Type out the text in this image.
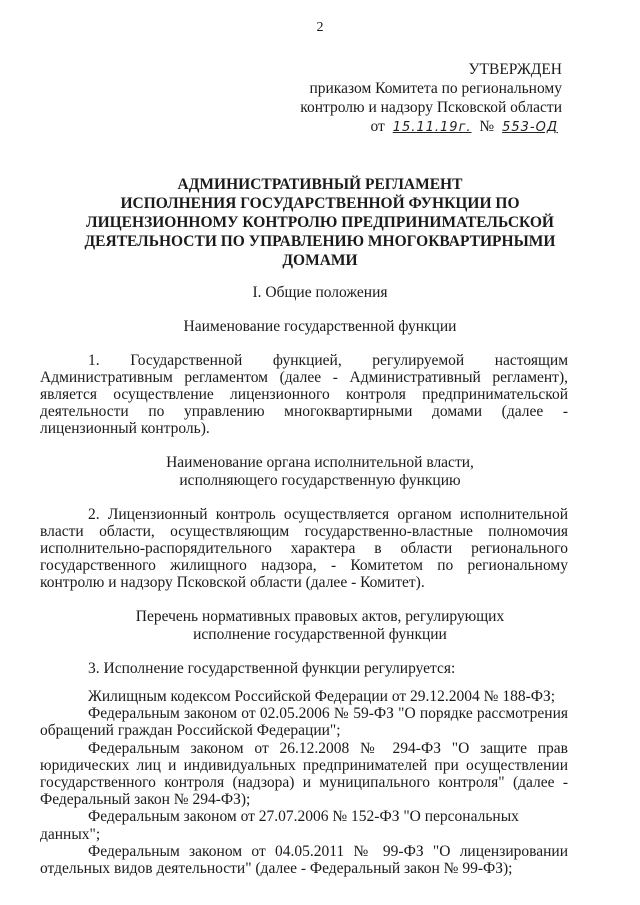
2
УТВЕРЖДЕН
приказом Комитета по региональному
контролю и надзору Псковской области
от 15.11.19г. № 553-ОД
АДМИНИСТРАТИВНЫЙ РЕГЛАМЕНТ
ИСПОЛНЕНИЯ ГОСУДАРСТВЕННОЙ ФУНКЦИИ ПО
ЛИЦЕНЗИОННОМУ КОНТРОЛЮ ПРЕДПРИНИМАТЕЛЬСКОЙ
ДЕЯТЕЛЬНОСТИ ПО УПРАВЛЕНИЮ МНОГОКВАРТИРНЫМИ
ДОМАМИ
I. Общие положения
Наименование государственной функции
1. Государственной функцией, регулируемой настоящим
Административным регламентом (далее - Административный регламент),
является осуществление лицензионного контроля предпринимательской
деятельности по управлению многоквартирными домами (далее -
лицензионный контроль).
Наименование органа исполнительной власти,
исполняющего государственную функцию
2. Лицензионный контроль осуществляется органом исполнительной
власти области, осуществляющим государственно-властные полномочия
исполнительно-распорядительного характера в области регионального
государственного жилищного надзора, - Комитетом по региональному
контролю и надзору Псковской области (далее - Комитет).
Перечень нормативных правовых актов, регулирующих
исполнение государственной функции
3. Исполнение государственной функции регулируется:
Жилищным кодексом Российской Федерации от 29.12.2004 № 188-ФЗ;
Федеральным законом от 02.05.2006 № 59-ФЗ "О порядке рассмотрения
обращений граждан Российской Федерации";
Федеральным законом от 26.12.2008 № 294-ФЗ "О защите прав
юридических лиц и индивидуальных предпринимателей при осуществлении
государственного контроля (надзора) и муниципального контроля" (далее -
Федеральный закон № 294-ФЗ);
Федеральным законом от 27.07.2006 № 152-ФЗ "О персональных данных";
Федеральным законом от 04.05.2011 № 99-ФЗ "О лицензировании
отдельных видов деятельности" (далее - Федеральный закон № 99-ФЗ);
